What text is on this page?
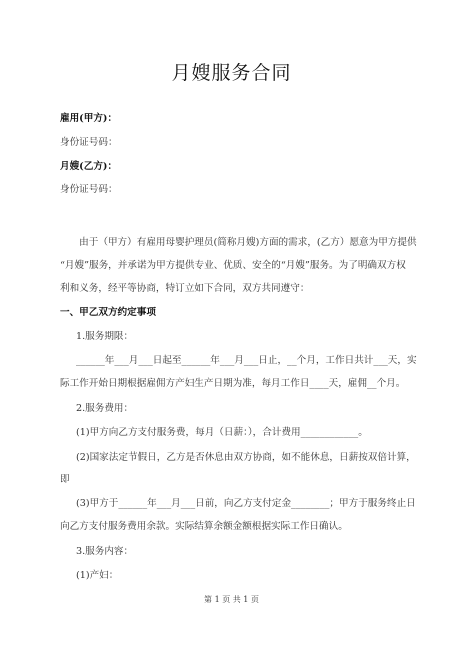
月嫂服务合同
雇用(甲方)：
身份证号码：
月嫂(乙方)：
身份证号码：
　　由于（甲方）有雇用母婴护理员(简称月嫂)方面的需求，(乙方）愿意为甲方提供
“月嫂”服务，并承诺为甲方提供专业、优质、安全的“月嫂”服务。为了明确双方权
利和义务，经平等协商，特订立如下合同，双方共同遵守：
一、甲乙双方约定事项
1.服务期限：
______年___月___日起至______年___月___日止，__个月，工作日共计___天，实
际工作开始日期根据雇佣方产妇生产日期为准，每月工作日____天，雇佣__个月。
2.服务费用：
(1)甲方向乙方支付服务费，每月（日薪：），合计费用____________。
(2)国家法定节假日，乙方是否休息由双方协商，如不能休息，日薪按双倍计算，
即
(3)甲方于______年___月___日前，向乙方支付定金________；甲方于服务终止日
向乙方支付服务费用余款。实际结算余额金额根据实际工作日确认。
3.服务内容：
(1)产妇：
第 1 页 共 1 页
